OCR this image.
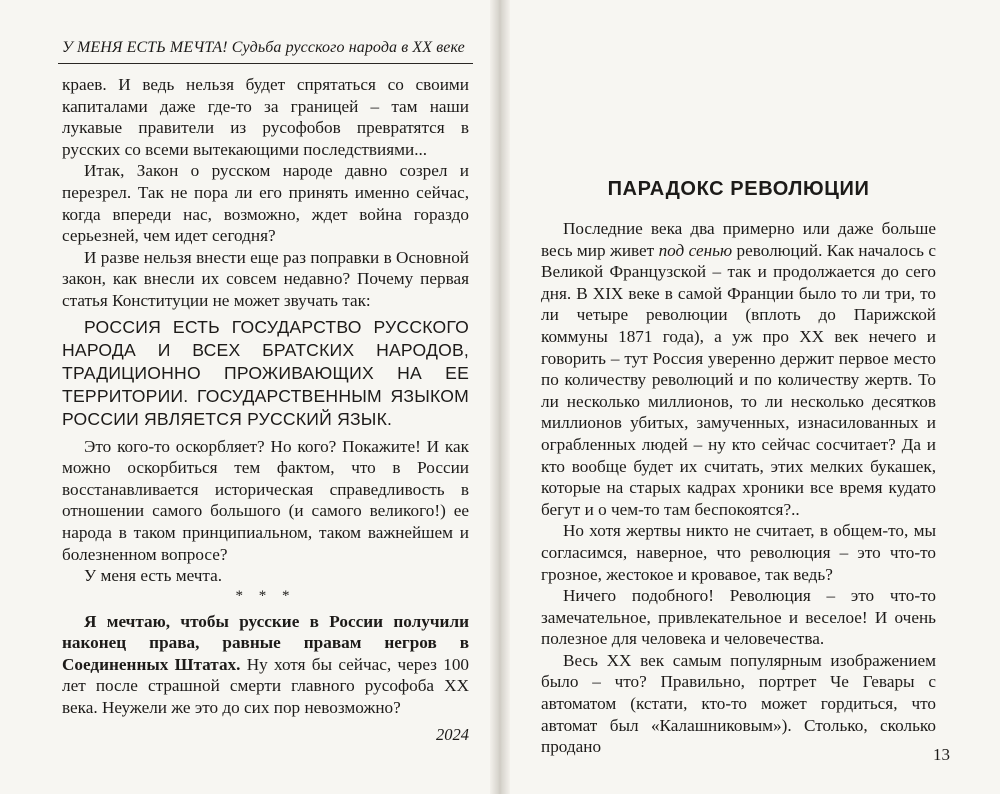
У МЕНЯ ЕСТЬ МЕЧТА! Судьба русского народа в XX веке

краев. И ведь нельзя будет спрятаться со своими капиталами даже где-то за границей – там наши лукавые правители из русофобов превратятся в русских со всеми вытекающими последствиями...

Итак, Закон о русском народе давно созрел и перезрел. Так не пора ли его принять именно сейчас, когда впереди нас, возможно, ждет война гораздо серьезней, чем идет сегодня?

И разве нельзя внести еще раз поправки в Основной закон, как внесли их совсем недавно? Почему первая статья Конституции не может звучать так:

РОССИЯ ЕСТЬ ГОСУДАРСТВО РУССКОГО НАРОДА И ВСЕХ БРАТСКИХ НАРОДОВ, ТРАДИЦИОННО ПРОЖИВАЮЩИХ НА ЕЕ ТЕРРИТОРИИ. ГОСУДАРСТВЕННЫМ ЯЗЫКОМ РОССИИ ЯВЛЯЕТСЯ РУССКИЙ ЯЗЫК.

Это кого-то оскорбляет? Но кого? Покажите! И как можно оскорбиться тем фактом, что в России восстанавливается историческая справедливость в отношении самого большого (и самого великого!) ее народа в таком принципиальном, таком важнейшем и болезненном вопросе?

У меня есть мечта.

* * *

Я мечтаю, чтобы русские в России получили наконец права, равные правам негров в Соединенных Штатах. Ну хотя бы сейчас, через 100 лет после страшной смерти главного русофоба XX века. Неужели же это до сих пор невозможно?

2024

ПАРАДОКС РЕВОЛЮЦИИ

Последние века два примерно или даже больше весь мир живет под сенью революций. Как началось с Великой Французской – так и продолжается до сего дня. В XIX веке в самой Франции было то ли три, то ли четыре революции (вплоть до Парижской коммуны 1871 года), а уж про XX век нечего и говорить – тут Россия уверенно держит первое место по количеству революций и по количеству жертв. То ли несколько миллионов, то ли несколько десятков миллионов убитых, замученных, изнасилованных и ограбленных людей – ну кто сейчас сосчитает? Да и кто вообще будет их считать, этих мелких букашек, которые на старых кадрах хроники все время кудато бегут и о чем-то там беспокоятся?..

Но хотя жертвы никто не считает, в общем-то, мы согласимся, наверное, что революция – это что-то грозное, жестокое и кровавое, так ведь?

Ничего подобного! Революция – это что-то замечательное, привлекательное и веселое! И очень полезное для человека и человечества.

Весь XX век самым популярным изображением было – что? Правильно, портрет Че Гевары с автоматом (кстати, кто-то может гордиться, что автомат был «Калашниковым»). Столько, сколько продано	13
